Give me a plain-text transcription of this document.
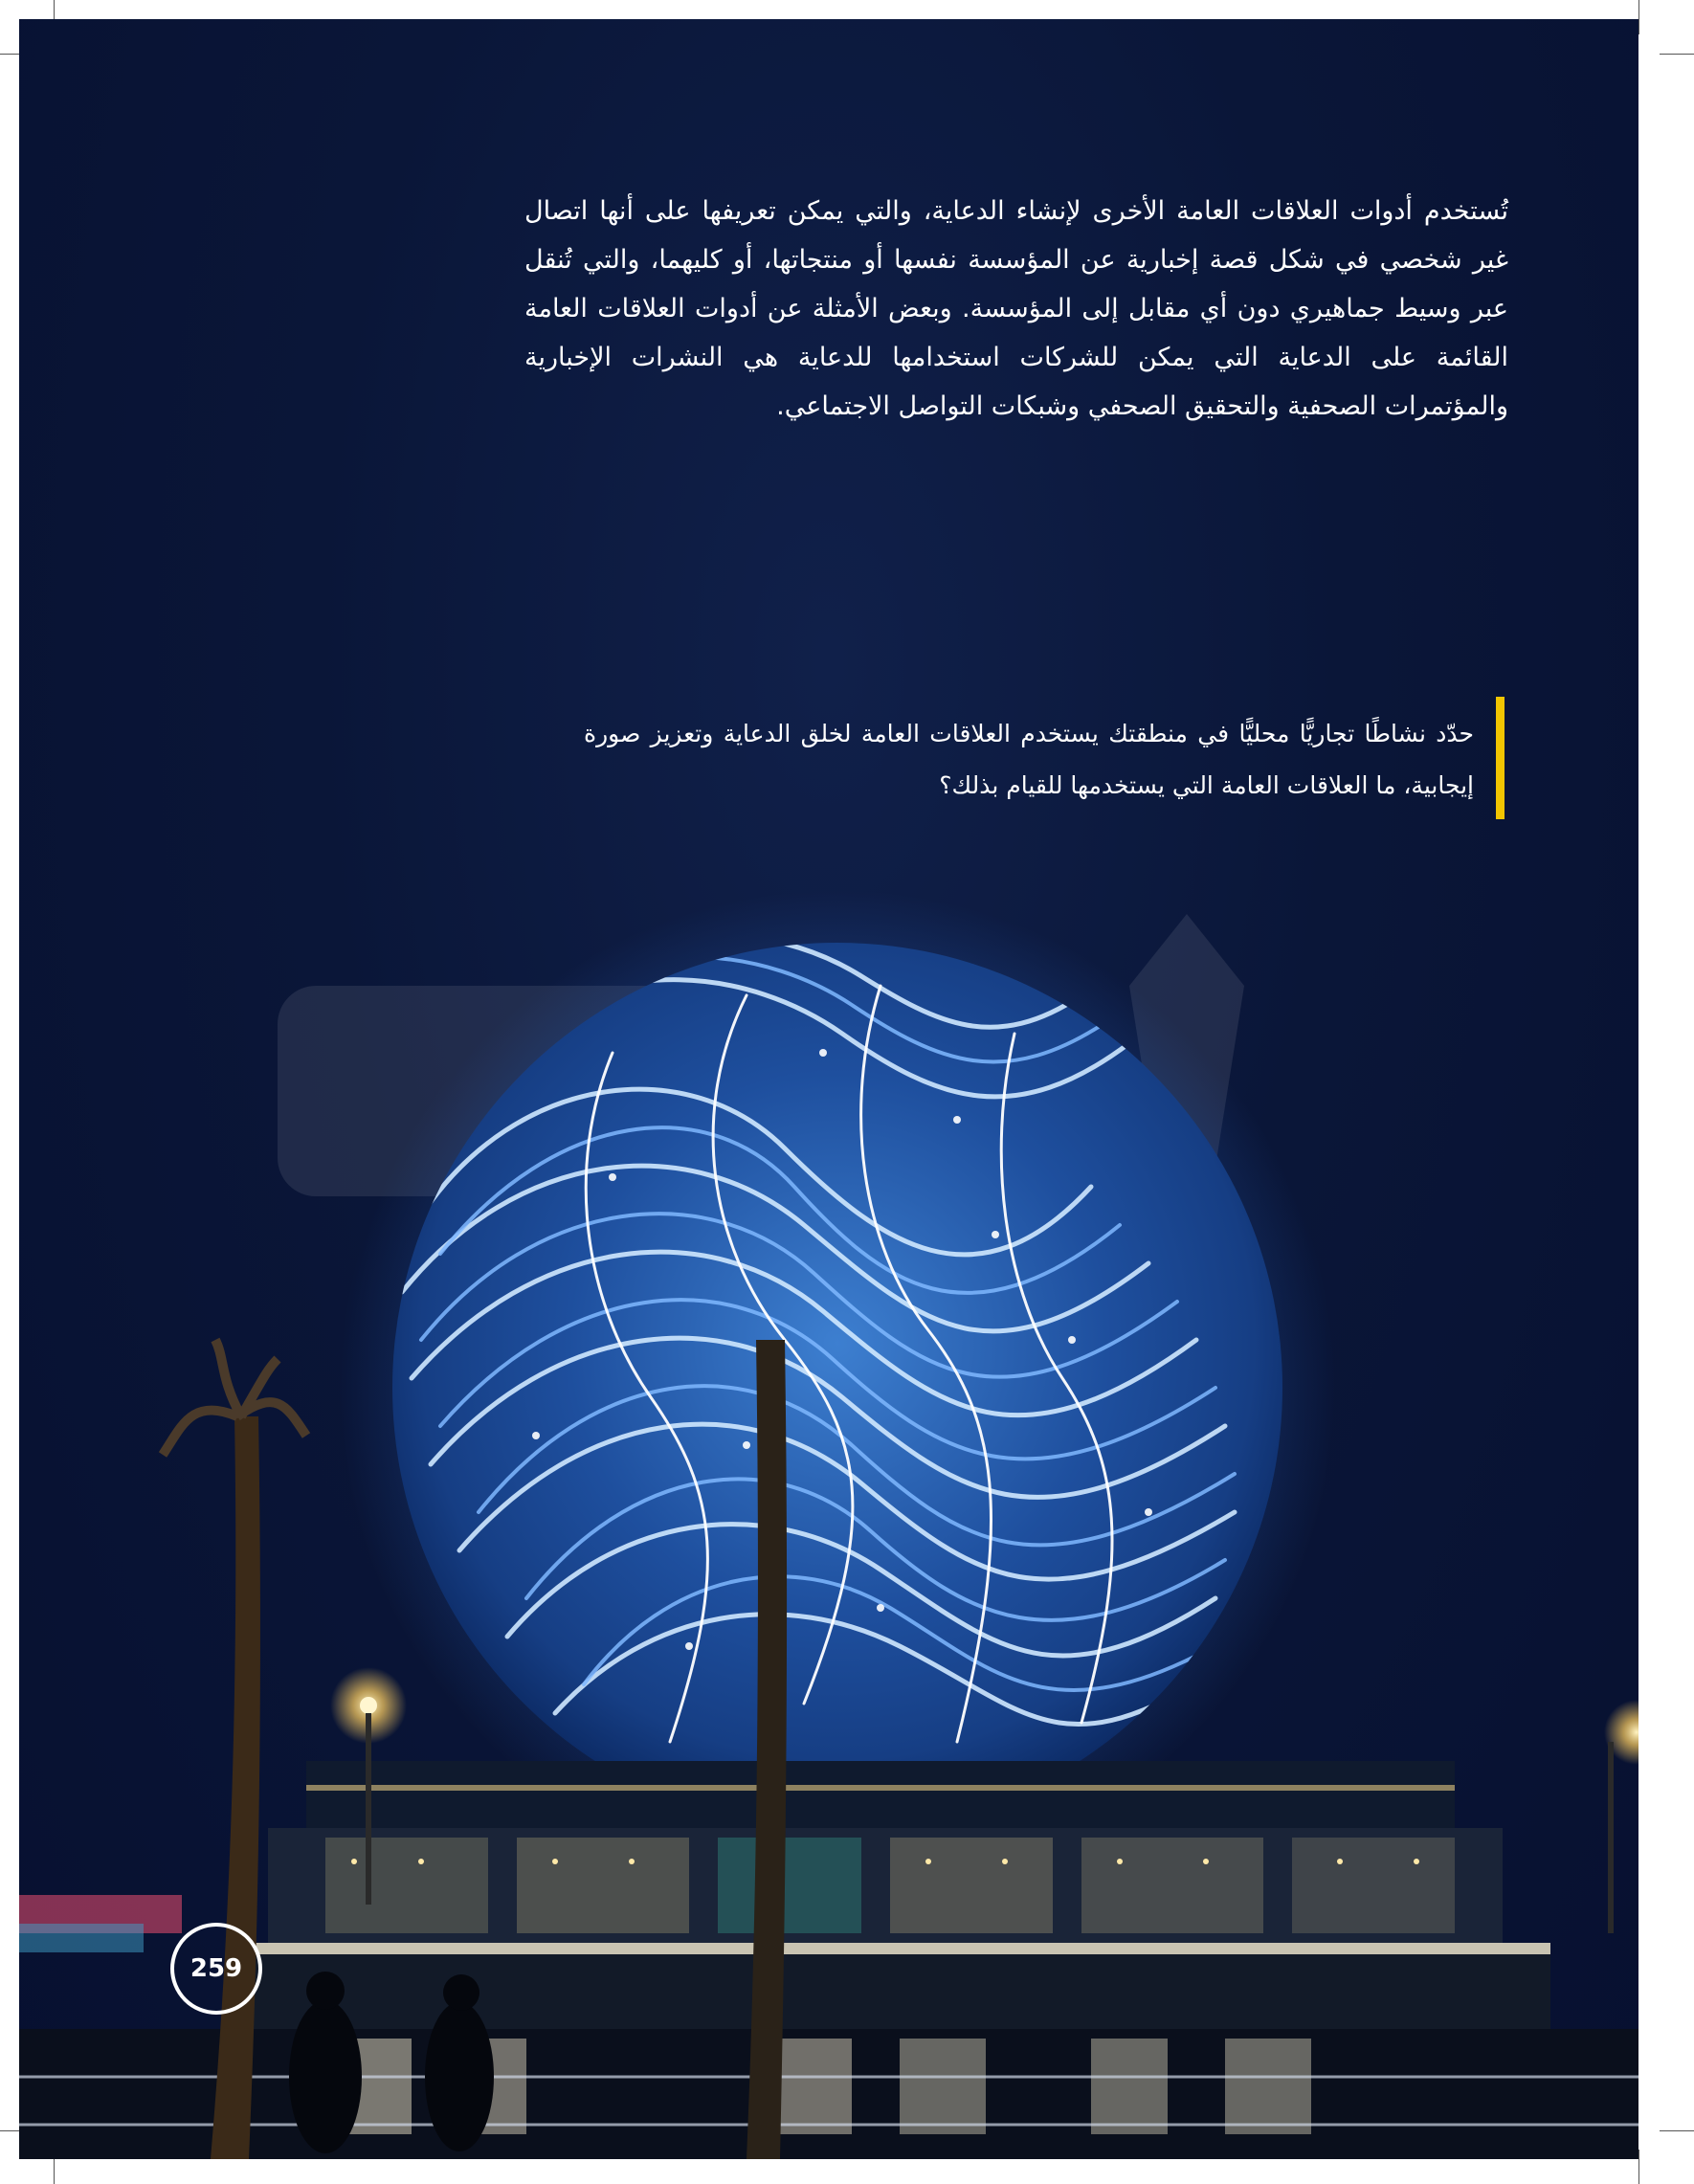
تُستخدم أدوات العلاقات العامة الأخرى لإنشاء الدعاية، والتي يمكن تعريفها على أنها اتصال غير شخصي في شكل قصة إخبارية عن المؤسسة نفسها أو منتجاتها، أو كليهما، والتي تُنقل عبر وسيط جماهيري دون أي مقابل إلى المؤسسة. وبعض الأمثلة عن أدوات العلاقات العامة القائمة على الدعاية التي يمكن للشركات استخدامها للدعاية هي النشرات الإخبارية والمؤتمرات الصحفية والتحقيق الصحفي وشبكات التواصل الاجتماعي.
حدّد نشاطًا تجاريًّا محليًّا في منطقتك يستخدم العلاقات العامة لخلق الدعاية وتعزيز صورة إيجابية، ما العلاقات العامة التي يستخدمها للقيام بذلك؟
259
